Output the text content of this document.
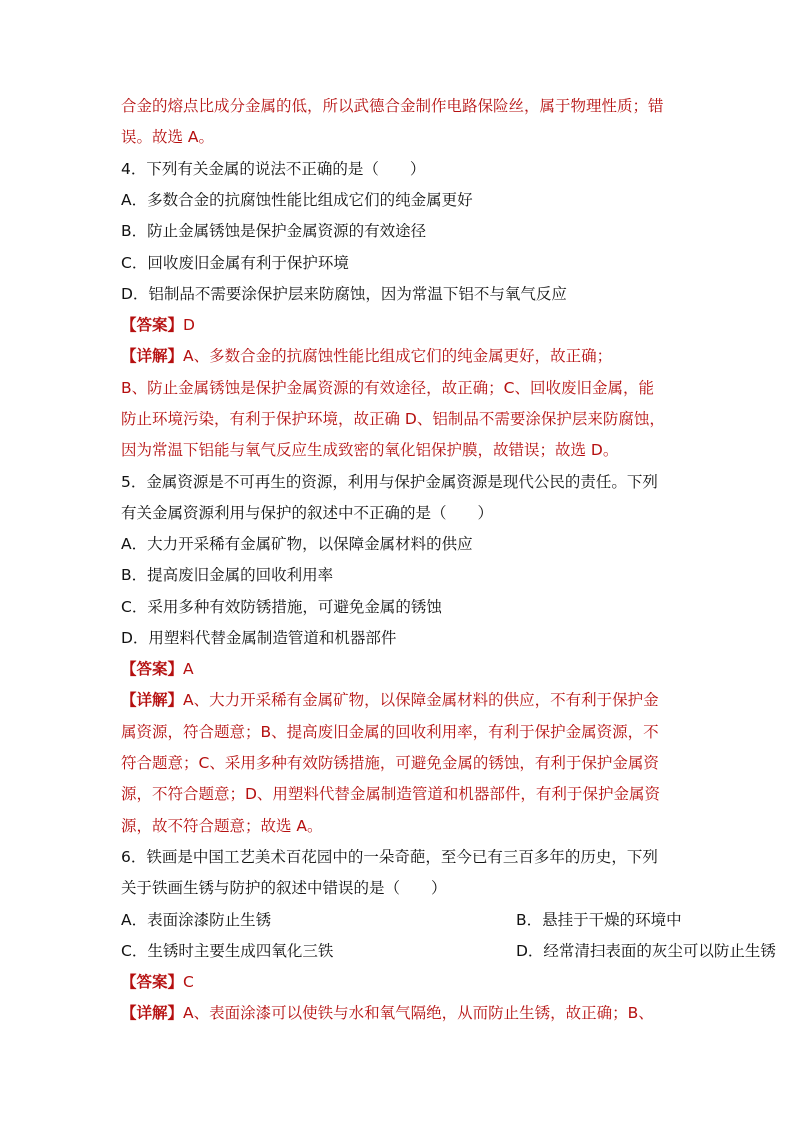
合金的熔点比成分金属的低，所以武德合金制作电路保险丝，属于物理性质；错
误。故选 A。
4．下列有关金属的说法不正确的是（　　）
A．多数合金的抗腐蚀性能比组成它们的纯金属更好
B．防止金属锈蚀是保护金属资源的有效途径
C．回收废旧金属有利于保护环境
D．铝制品不需要涂保护层来防腐蚀，因为常温下铝不与氧气反应
【答案】D
【详解】A、多数合金的抗腐蚀性能比组成它们的纯金属更好，故正确；
B、防止金属锈蚀是保护金属资源的有效途径，故正确；C、回收废旧金属，能
防止环境污染，有利于保护环境，故正确 D、铝制品不需要涂保护层来防腐蚀，
因为常温下铝能与氧气反应生成致密的氧化铝保护膜，故错误；故选 D。
5．金属资源是不可再生的资源，利用与保护金属资源是现代公民的责任。下列
有关金属资源利用与保护的叙述中不正确的是（　　）
A．大力开采稀有金属矿物，以保障金属材料的供应
B．提高废旧金属的回收利用率
C．采用多种有效防锈措施，可避免金属的锈蚀
D．用塑料代替金属制造管道和机器部件
【答案】A
【详解】A、大力开采稀有金属矿物，以保障金属材料的供应，不有利于保护金
属资源，符合题意；B、提高废旧金属的回收利用率，有利于保护金属资源，不
符合题意；C、采用多种有效防锈措施，可避免金属的锈蚀，有利于保护金属资
源，不符合题意；D、用塑料代替金属制造管道和机器部件，有利于保护金属资
源，故不符合题意；故选 A。
6．铁画是中国工艺美术百花园中的一朵奇葩，至今已有三百多年的历史，下列
关于铁画生锈与防护的叙述中错误的是（　　）
A．表面涂漆防止生锈	B．悬挂于干燥的环境中
C．生锈时主要生成四氧化三铁	D．经常清扫表面的灰尘可以防止生锈
【答案】C
【详解】A、表面涂漆可以使铁与水和氧气隔绝，从而防止生锈，故正确；B、
